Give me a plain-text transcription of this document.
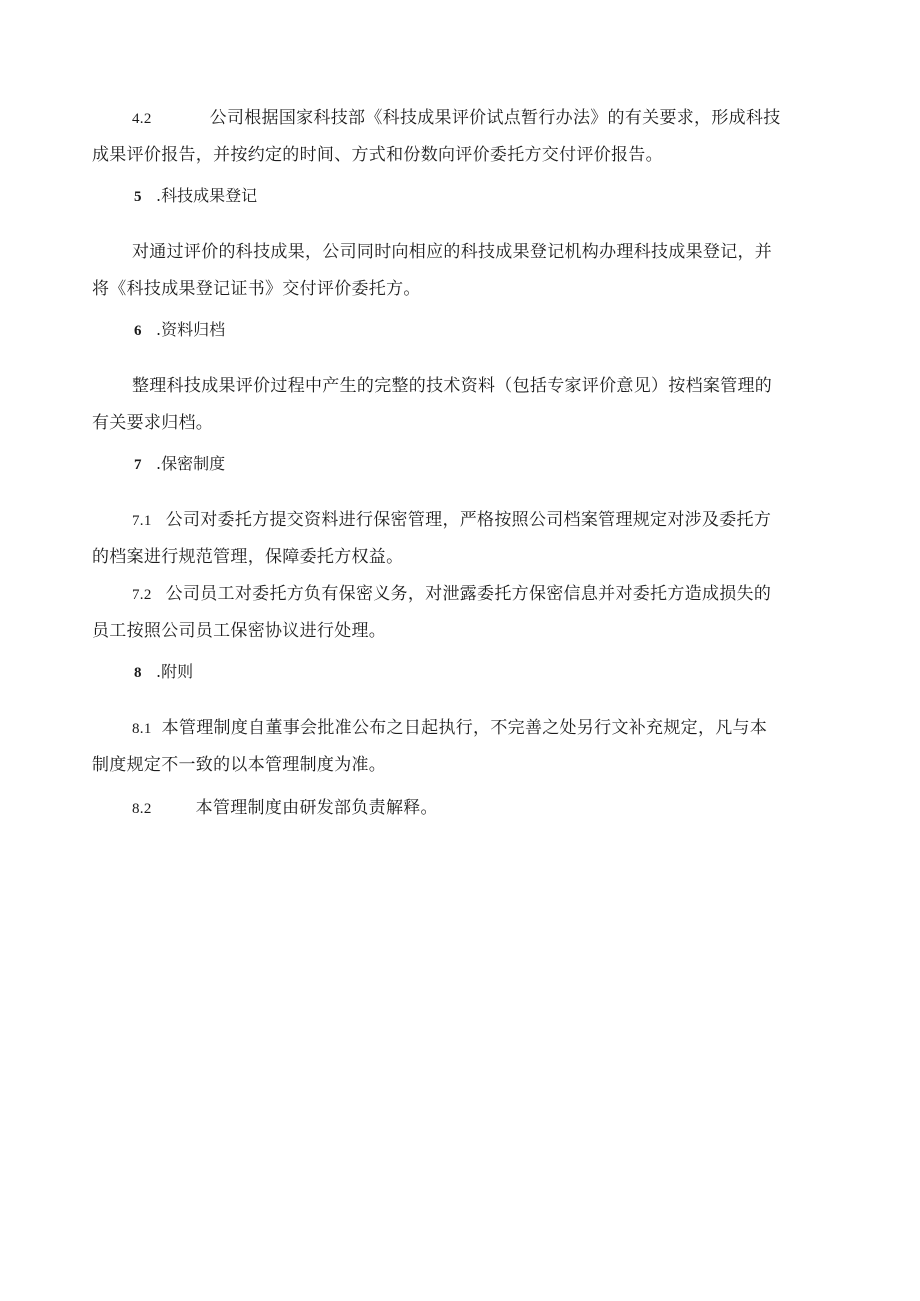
4.2	公司根据国家科技部《科技成果评价试点暂行办法》的有关要求，形成科技
成果评价报告，并按约定的时间、方式和份数向评价委托方交付评价报告。
5 .科技成果登记
对通过评价的科技成果，公司同时向相应的科技成果登记机构办理科技成果登记，并
将《科技成果登记证书》交付评价委托方。
6 .资料归档
整理科技成果评价过程中产生的完整的技术资料（包括专家评价意见）按档案管理的
有关要求归档。
7 .保密制度
7.1 公司对委托方提交资料进行保密管理，严格按照公司档案管理规定对涉及委托方
的档案进行规范管理，保障委托方权益。
7.2 公司员工对委托方负有保密义务，对泄露委托方保密信息并对委托方造成损失的
员工按照公司员工保密协议进行处理。
8 .附则
8.1 本管理制度自董事会批准公布之日起执行，不完善之处另行文补充规定，凡与本
制度规定不一致的以本管理制度为准。
8.2	本管理制度由研发部负责解释。
